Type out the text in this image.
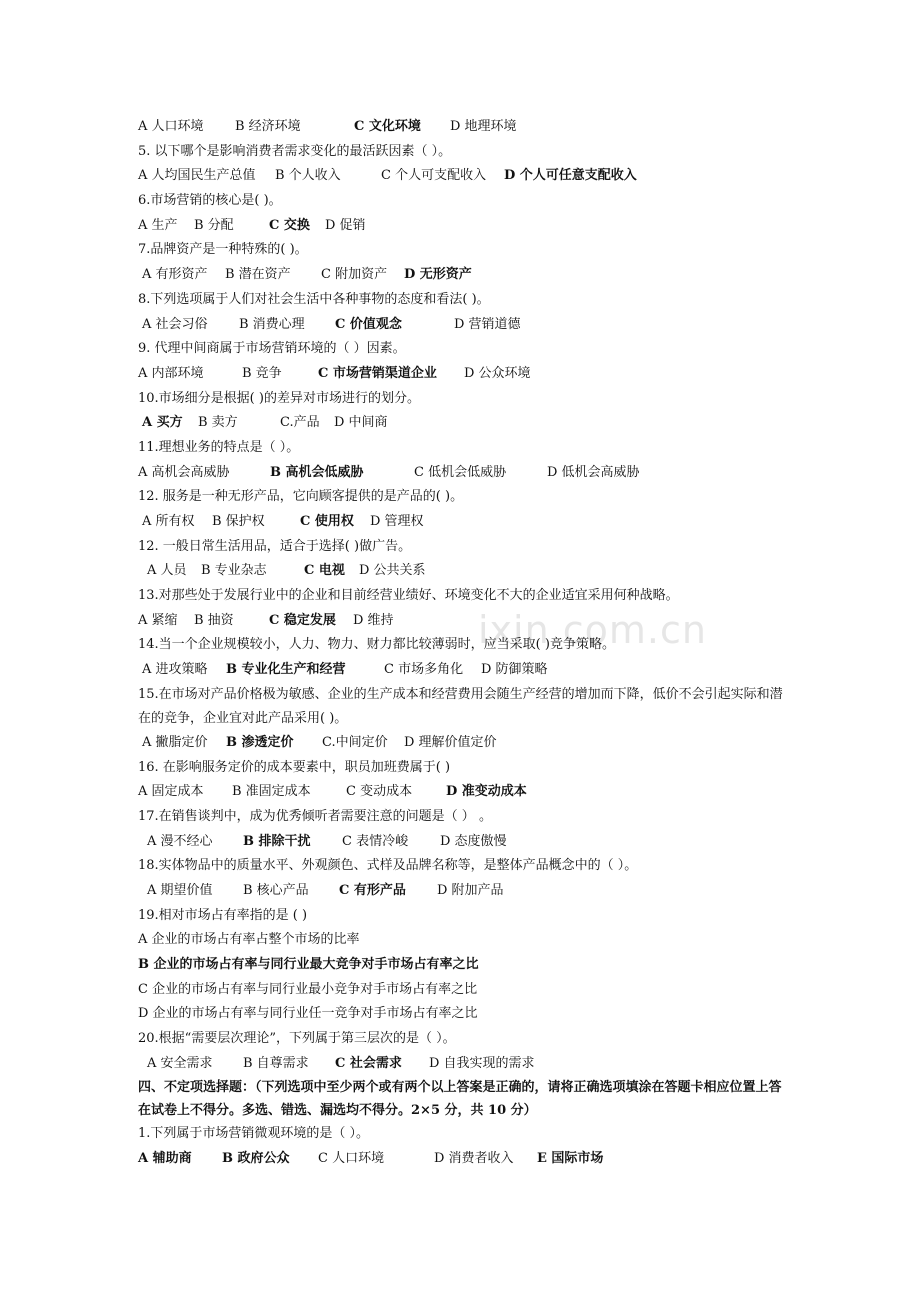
ixin.com.cn
A 人口环境 B 经济环境	C 文化环境 D 地理环境
5. 以下哪个是影响消费者需求变化的最活跃因素（ ）。
A 人均国民生产总值 B 个人收入	C 个人可支配收入 D 个人可任意支配收入
6.市场营销的核心是( )。
A 生产 B 分配	C 交换 D 促销
7.品牌资产是一种特殊的( )。
A 有形资产 B 潜在资产 C 附加资产 D 无形资产
8.下列选项属于人们对社会生活中各种事物的态度和看法( )。
A 社会习俗 B 消费心理 C 价值观念	D 营销道德
9. 代理中间商属于市场营销环境的（ ）因素。
A 内部环境	B 竞争	C 市场营销渠道企业 D 公众环境
10.市场细分是根据( )的差异对市场进行的划分。
A 买方 B 卖方	C.产品 D 中间商
11.理想业务的特点是（ ）。
A 高机会高威胁	B 高机会低威胁	C 低机会低威胁	D 低机会高威胁
12. 服务是一种无形产品，它向顾客提供的是产品的( )。
A 所有权 B 保护权	C 使用权 D 管理权
12. 一般日常生活用品，适合于选择( )做广告。
A 人员 B 专业杂志	C 电视 D 公共关系
13.对那些处于发展行业中的企业和目前经营业绩好、环境变化不大的企业适宜采用何种战略。
A 紧缩 B 抽资	C 稳定发展 D 维持
14.当一个企业规模较小，人力、物力、财力都比较薄弱时，应当采取( )竞争策略。
A 进攻策略 B 专业化生产和经营	C 市场多角化 D 防御策略
15.在市场对产品价格极为敏感、企业的生产成本和经营费用会随生产经营的增加而下降，低价不会引起实际和潜在的竞争，企业宜对此产品采用( )。
A 撇脂定价 B 渗透定价 C.中间定价 D 理解价值定价
16. 在影响服务定价的成本要素中，职员加班费属于( )
A 固定成本 B 准固定成本	C 变动成本	D 准变动成本
17.在销售谈判中，成为优秀倾听者需要注意的问题是（ ） 。
A 漫不经心 B 排除干扰 C 表情冷峻 D 态度傲慢
18.实体物品中的质量水平、外观颜色、式样及品牌名称等，是整体产品概念中的（ ）。
A 期望价值 B 核心产品 C 有形产品 D 附加产品
19.相对市场占有率指的是 ( )
A 企业的市场占有率占整个市场的比率
B 企业的市场占有率与同行业最大竞争对手市场占有率之比
C 企业的市场占有率与同行业最小竞争对手市场占有率之比
D 企业的市场占有率与同行业任一竞争对手市场占有率之比
20.根据“需要层次理论”，下列属于第三层次的是（ ）。
A 安全需求 B 自尊需求 C 社会需求 D 自我实现的需求
四、不定项选择题：（下列选项中至少两个或有两个以上答案是正确的，请将正确选项填涂在答题卡相应位置上答在试卷上不得分。多选、错选、漏选均不得分。2×5 分，共 10 分）
1.下列属于市场营销微观环境的是（ ）。
A 辅助商 B 政府公众 C 人口环境	D 消费者收入 E 国际市场
